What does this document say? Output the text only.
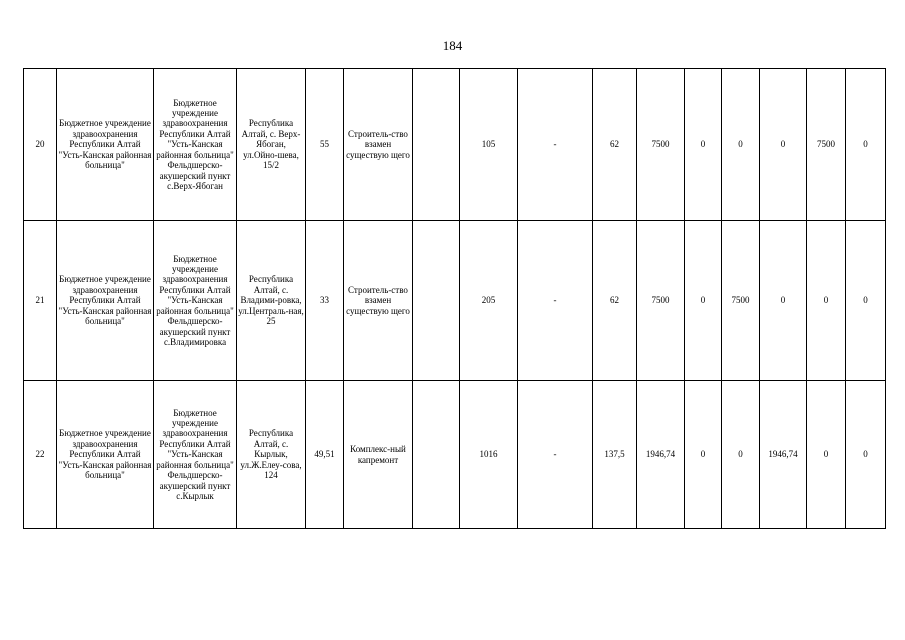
184
20	Бюджетное учреждение здравоохранения Республики Алтай "Усть-Канская районная больница"	Бюджетное учреждение здравоохранения Республики Алтай "Усть-Канская районная больница" Фельдшерско-акушерский пункт с.Верх-Ябоган	Республика Алтай, с. Верх-Ябоган, ул.Ойно-шева, 15/2	55	Строитель-ство взамен существую щего		105	-	62	7500	0	0	0	7500	0
21	Бюджетное учреждение здравоохранения Республики Алтай "Усть-Канская районная больница"	Бюджетное учреждение здравоохранения Республики Алтай "Усть-Канская районная больница" Фельдшерско-акушерский пункт с.Владимировка	Республика Алтай, с. Владими-ровка, ул.Централь-ная, 25	33	Строитель-ство взамен существую щего		205	-	62	7500	0	7500	0	0	0
22	Бюджетное учреждение здравоохранения Республики Алтай "Усть-Канская районная больница"	Бюджетное учреждение здравоохранения Республики Алтай "Усть-Канская районная больница" Фельдшерско-акушерский пункт с.Кырлык	Республика Алтай, с. Кырлык, ул.Ж.Елеу-сова, 124	49,51	Комплекс-ный капремонт		1016	-	137,5	1946,74	0	0	1946,74	0	0
